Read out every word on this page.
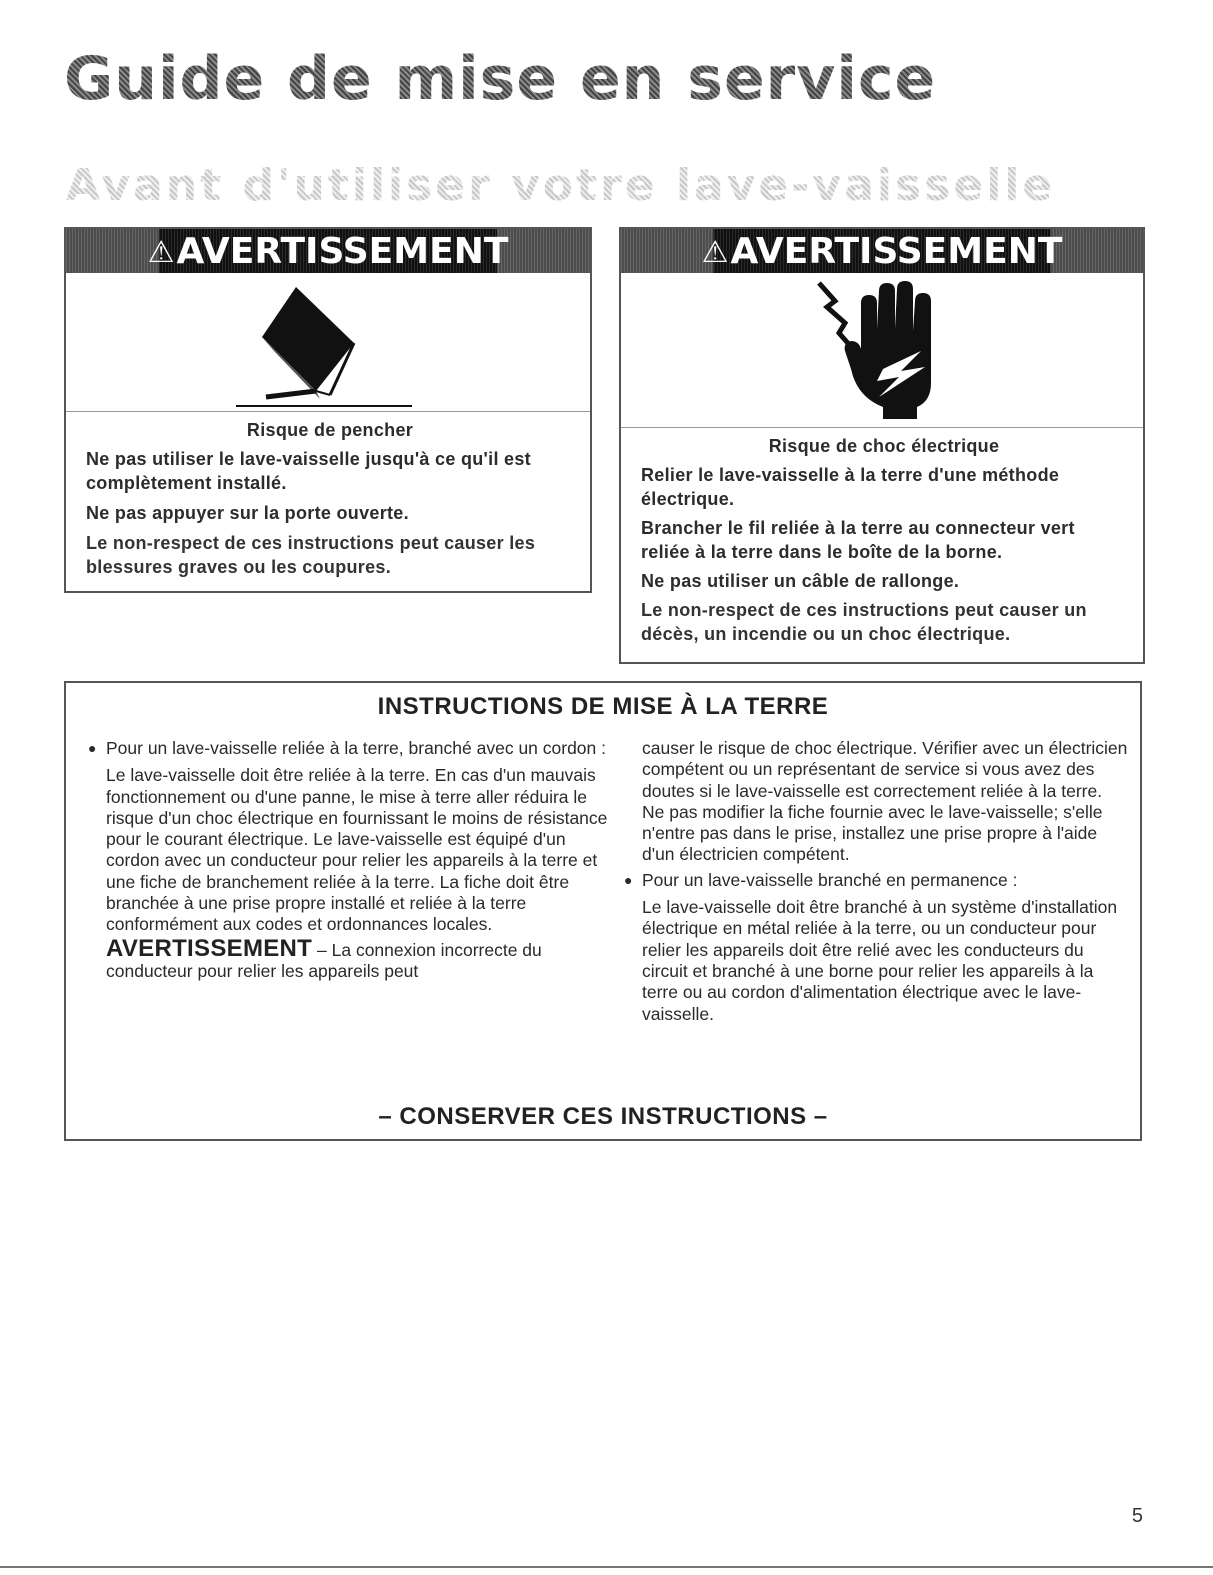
Guide de mise en service
Avant d'utiliser votre lave-vaisselle
⚠AVERTISSEMENT

Risque de pencher

Ne pas utiliser le lave-vaisselle jusqu'à ce qu'il est complètement installé.

Ne pas appuyer sur la porte ouverte.

Le non-respect de ces instructions peut causer les blessures graves ou les coupures.

⚠AVERTISSEMENT

Risque de choc électrique

Relier le lave-vaisselle à la terre d'une méthode électrique.

Brancher le fil reliée à la terre au connecteur vert reliée à la terre dans le boîte de la borne.

Ne pas utiliser un câble de rallonge.

Le non-respect de ces instructions peut causer un décès, un incendie ou un choc électrique.

INSTRUCTIONS DE MISE À LA TERRE

● Pour un lave-vaisselle reliée à la terre, branché avec un cordon :

Le lave-vaisselle doit être reliée à la terre. En cas d'un mauvais fonctionnement ou d'une panne, le mise à terre aller réduira le risque d'un choc électrique en fournissant le moins de résistance pour le courant électrique. Le lave-vaisselle est équipé d'un cordon avec un conducteur pour relier les appareils à la terre et une fiche de branchement reliée à la terre. La fiche doit être branchée à une prise propre installé et reliée à la terre conformément aux codes et ordonnances locales.

AVERTISSEMENT – La connexion incorrecte du conducteur pour relier les appareils peut

causer le risque de choc électrique. Vérifier avec un électricien compétent ou un représentant de service si vous avez des doutes si le lave-vaisselle est correctement reliée à la terre. Ne pas modifier la fiche fournie avec le lave-vaisselle; s'elle n'entre pas dans le prise, installez une prise propre à l'aide d'un électricien compétent.

● Pour un lave-vaisselle branché en permanence :

Le lave-vaisselle doit être branché à un système d'installation électrique en métal reliée à la terre, ou un conducteur pour relier les appareils doit être relié avec les conducteurs du circuit et branché à une borne pour relier les appareils à la terre ou au cordon d'alimentation électrique avec le lave-vaisselle.

– CONSERVER CES INSTRUCTIONS –

5
